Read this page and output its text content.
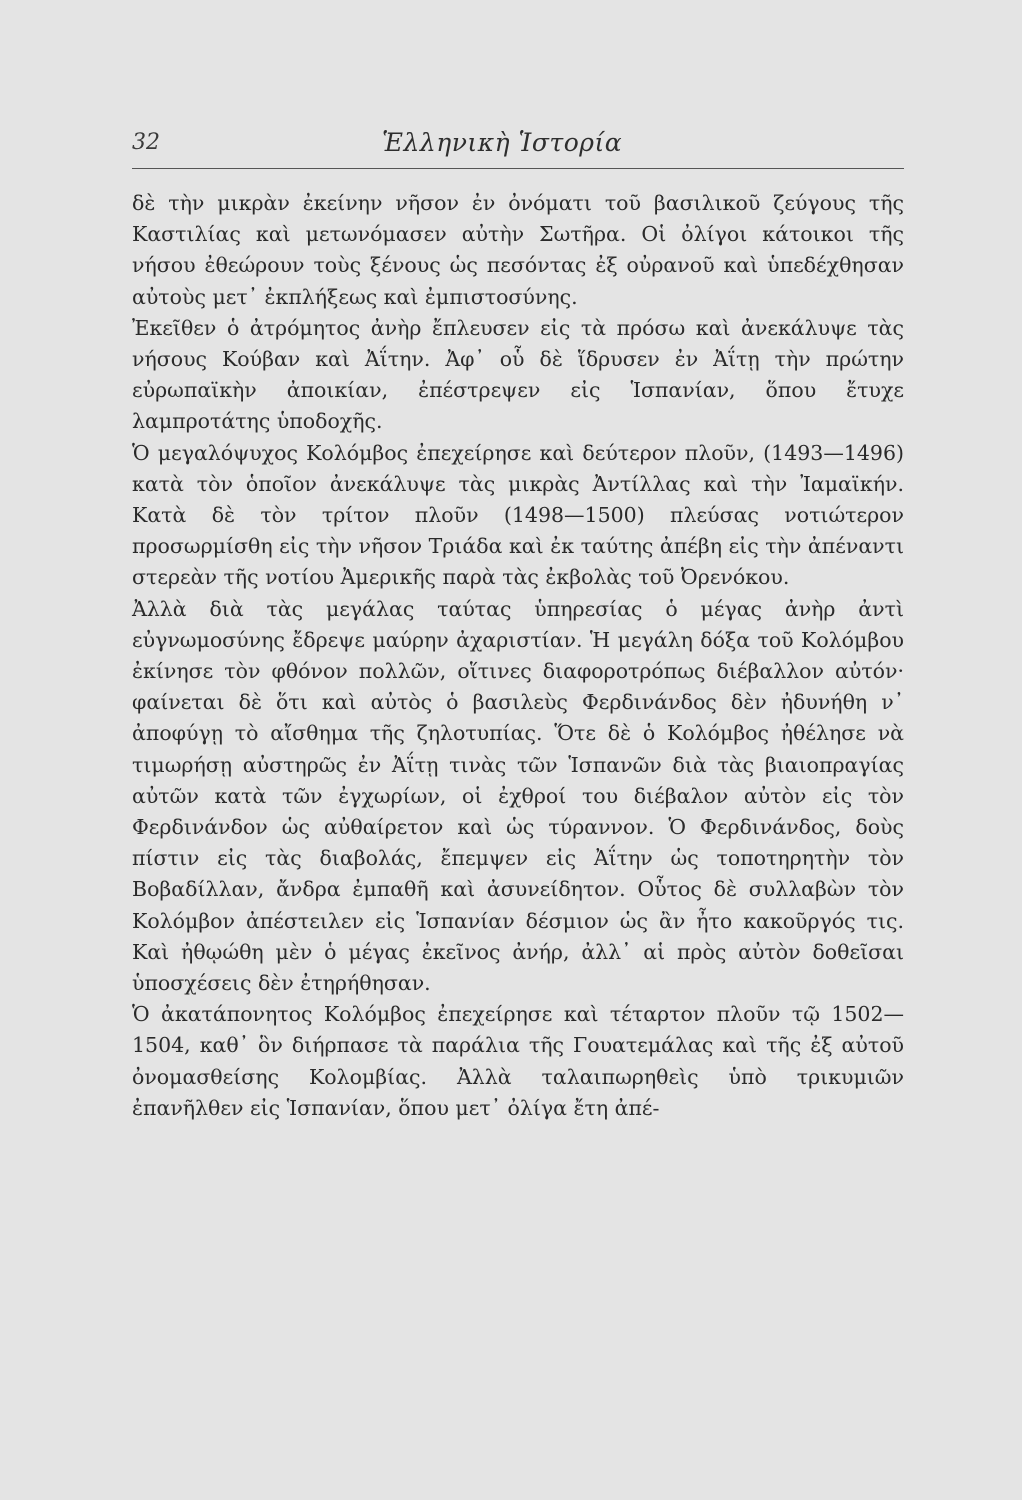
32	Ἑλληνικὴ Ἱστορία

δὲ τὴν μικρὰν ἐκείνην νῆσον ἐν ὀνόματι τοῦ βασιλικοῦ ζεύγους τῆς Καστιλίας καὶ μετωνόμασεν αὐτὴν Σωτῆρα. Οἱ ὀλίγοι κάτοικοι τῆς νήσου ἐθεώρουν τοὺς ξένους ὡς πεσόντας ἐξ οὐρανοῦ καὶ ὑπεδέχθησαν αὐτοὺς μετ᾽ ἐκπλήξεως καὶ ἐμπιστοσύνης.

Ἐκεῖθεν ὁ ἀτρόμητος ἀνὴρ ἔπλευσεν εἰς τὰ πρόσω καὶ ἀνεκάλυψε τὰς νήσους Κούβαν καὶ Ἀΐτην. Ἀφ᾽ οὗ δὲ ἵδρυσεν ἐν Ἀΐτῃ τὴν πρώτην εὐρωπαϊκὴν ἀποικίαν, ἐπέστρεψεν εἰς Ἱσπανίαν, ὅπου ἔτυχε λαμπροτάτης ὑποδοχῆς.

Ὁ μεγαλόψυχος Κολόμβος ἐπεχείρησε καὶ δεύτερον πλοῦν, (1493—1496) κατὰ τὸν ὁποῖον ἀνεκάλυψε τὰς μικρὰς Ἀντίλλας καὶ τὴν Ἰαμαϊκήν. Κατὰ δὲ τὸν τρίτον πλοῦν (1498—1500) πλεύσας νοτιώτερον προσωρμίσθη εἰς τὴν νῆσον Τριάδα καὶ ἐκ ταύτης ἀπέβη εἰς τὴν ἀπέναντι στερεὰν τῆς νοτίου Ἀμερικῆς παρὰ τὰς ἐκβολὰς τοῦ Ὀρενόκου.

Ἀλλὰ διὰ τὰς μεγάλας ταύτας ὑπηρεσίας ὁ μέγας ἀνὴρ ἀντὶ εὐγνωμοσύνης ἔδρεψε μαύρην ἀχαριστίαν. Ἡ μεγάλη δόξα τοῦ Κολόμβου ἐκίνησε τὸν φθόνον πολλῶν, οἵτινες διαφοροτρόπως διέβαλλον αὐτόν· φαίνεται δὲ ὅτι καὶ αὐτὸς ὁ βασιλεὺς Φερδινάνδος δὲν ἠδυνήθη ν᾽ ἀποφύγῃ τὸ αἴσθημα τῆς ζηλοτυπίας. Ὅτε δὲ ὁ Κολόμβος ἠθέλησε νὰ τιμωρήσῃ αὐστηρῶς ἐν Ἀΐτῃ τινὰς τῶν Ἱσπανῶν διὰ τὰς βιαιοπραγίας αὐτῶν κατὰ τῶν ἐγχωρίων, οἱ ἐχθροί του διέβαλον αὐτὸν εἰς τὸν Φερδινάνδον ὡς αὐθαίρετον καὶ ὡς τύραννον. Ὁ Φερδινάνδος, δοὺς πίστιν εἰς τὰς διαβολάς, ἔπεμψεν εἰς Ἀΐτην ὡς τοποτηρητὴν τὸν Βοβαδίλλαν, ἄνδρα ἐμπαθῆ καὶ ἀσυνείδητον. Οὗτος δὲ συλλαβὼν τὸν Κολόμβον ἀπέστειλεν εἰς Ἱσπανίαν δέσμιον ὡς ἂν ἦτο κακοῦργός τις. Καὶ ἠθῳώθη μὲν ὁ μέγας ἐκεῖνος ἀνήρ, ἀλλ᾽ αἱ πρὸς αὐτὸν δοθεῖσαι ὑποσχέσεις δὲν ἐτηρήθησαν.

Ὁ ἀκατάπονητος Κολόμβος ἐπεχείρησε καὶ τέταρτον πλοῦν τῷ 1502—1504, καθ᾽ ὃν διήρπασε τὰ παράλια τῆς Γουατεμάλας καὶ τῆς ἐξ αὐτοῦ ὀνομασθείσης Κολομβίας. Ἀλλὰ ταλαιπωρηθεὶς ὑπὸ τρικυμιῶν ἐπανῆλθεν εἰς Ἱσπανίαν, ὅπου μετ᾽ ὀλίγα ἔτη ἀπέ-
